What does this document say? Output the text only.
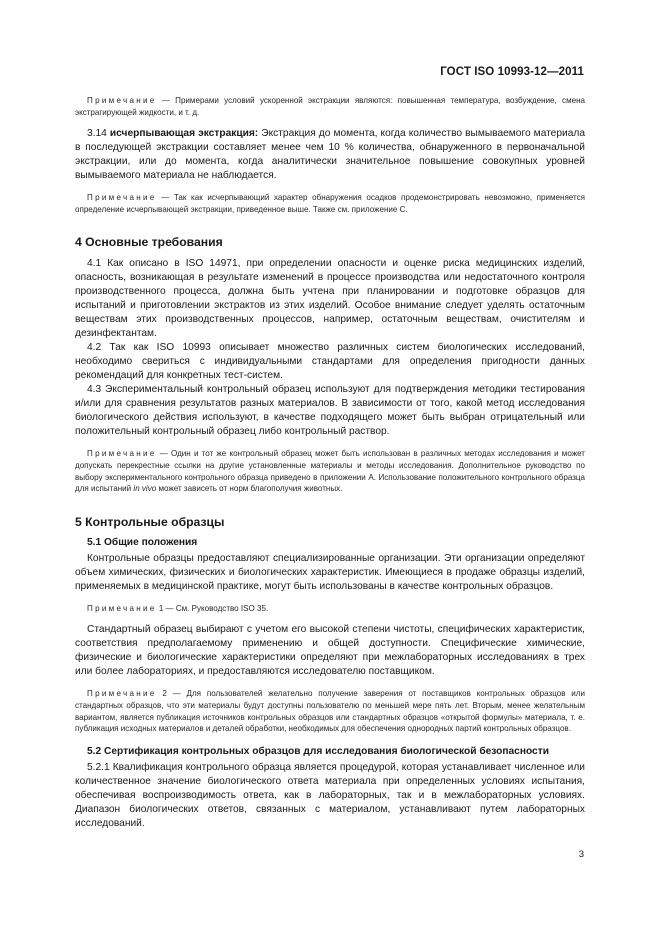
ГОСТ ISO 10993-12—2011

Примечание — Примерами условий ускоренной экстракции являются: повышенная температура, возбуждение, смена экстрагирующей жидкости, и т. д.

3.14 исчерпывающая экстракция: Экстракция до момента, когда количество вымываемого материала в последующей экстракции составляет менее чем 10 % количества, обнаруженного в первоначальной экстракции, или до момента, когда аналитически значительное повышение совокупных уровней вымываемого материала не наблюдается.

Примечание — Так как исчерпывающий характер обнаружения осадков продемонстрировать невозможно, применяется определение исчерпывающей экстракции, приведенное выше. Также см. приложение С.

4 Основные требования

4.1 Как описано в ISO 14971, при определении опасности и оценке риска медицинских изделий, опасность, возникающая в результате изменений в процессе производства или недостаточного контроля производственного процесса, должна быть учтена при планировании и подготовке образцов для испытаний и приготовлении экстрактов из этих изделий. Особое внимание следует уделять остаточным веществам этих производственных процессов, например, остаточным веществам, очистителям и дезинфектантам.

4.2 Так как ISO 10993 описывает множество различных систем биологических исследований, необходимо свериться с индивидуальными стандартами для определения пригодности данных рекомендаций для конкретных тест-систем.

4.3 Экспериментальный контрольный образец используют для подтверждения методики тестирования и/или для сравнения результатов разных материалов. В зависимости от того, какой метод исследования биологического действия используют, в качестве подходящего может быть выбран отрицательный или положительный контрольный образец либо контрольный раствор.

Примечание — Один и тот же контрольный образец может быть использован в различных методах исследования и может допускать перекрестные ссылки на другие установленные материалы и методы исследования. Дополнительное руководство по выбору экспериментального контрольного образца приведено в приложении А. Использование положительного контрольного образца для испытаний in vivo может зависеть от норм благополучия животных.

5 Контрольные образцы
5.1 Общие положения

Контрольные образцы предоставляют специализированные организации. Эти организации определяют объем химических, физических и биологических характеристик. Имеющиеся в продаже образцы изделий, применяемых в медицинской практике, могут быть использованы в качестве контрольных образцов.

Примечание 1 — См. Руководство ISO 35.

Стандартный образец выбирают с учетом его высокой степени чистоты, специфических характеристик, соответствия предполагаемому применению и общей доступности. Специфические химические, физические и биологические характеристики определяют при межлабораторных исследованиях в трех или более лабораториях, и предоставляются исследователю поставщиком.

Примечание 2 — Для пользователей желательно получение заверения от поставщиков контрольных образцов или стандартных образцов, что эти материалы будут доступны пользователю по меньшей мере пять лет. Вторым, менее желательным вариантом, является публикация источников контрольных образцов или стандартных образцов «открытой формулы» материала, т. е. публикация исходных материалов и деталей обработки, необходимых для обеспечения однородных партий контрольных образцов.

5.2 Сертификация контрольных образцов для исследования биологической безопасности

5.2.1 Квалификация контрольного образца является процедурой, которая устанавливает численное или количественное значение биологического ответа материала при определенных условиях испытания, обеспечивая воспроизводимость ответа, как в лабораторных, так и в межлабораторных условиях. Диапазон биологических ответов, связанных с материалом, устанавливают путем лабораторных исследований.

3
